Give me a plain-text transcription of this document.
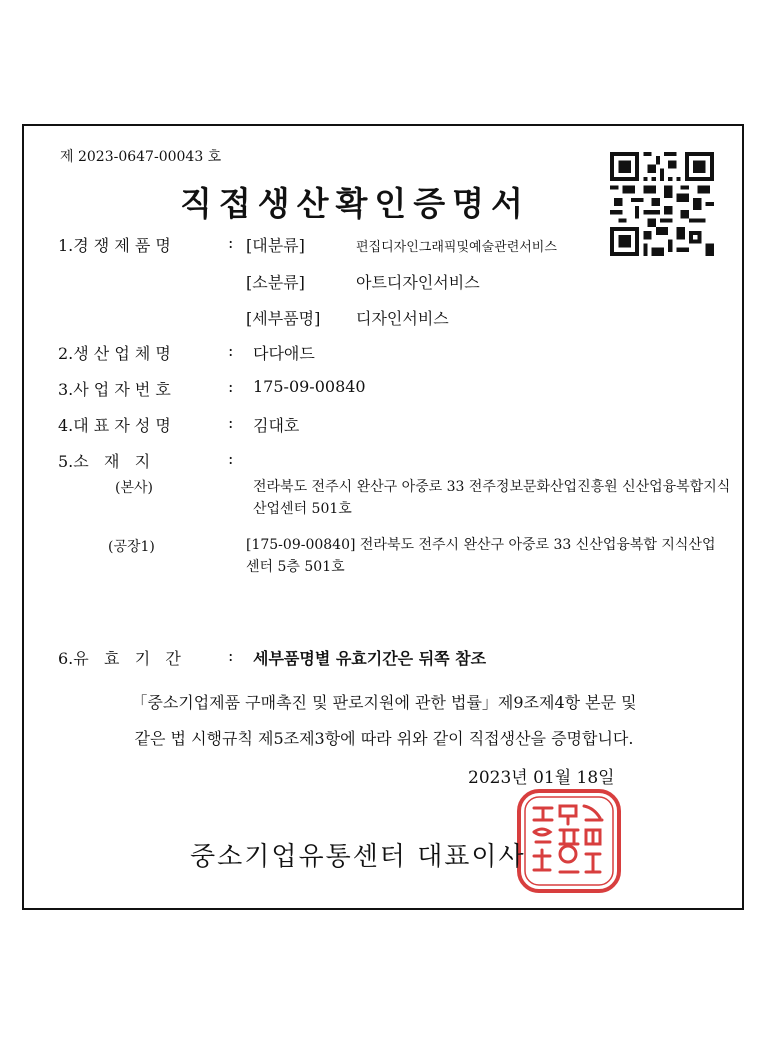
제 2023-0647-00043 호
직접생산확인증명서
1.경 쟁 제 품 명	: [대분류]	편집디자인그래픽및예술관련서비스
[소분류]	아트디자인서비스
[세부품명] 디자인서비스
2.생 산 업 체 명	: 다다애드
3.사 업 자 번 호	: 175-09-00840
4.대 표 자 성 명	: 김대호
5.소   재   지	:
(본사)	전라북도 전주시 완산구 아중로 33 전주정보문화산업진흥원 신산업융복합지식산업센터 501호
(공장1)	[175-09-00840] 전라북도 전주시 완산구 아중로 33 신산업융복합 지식산업센터 5층 501호
6.유   효   기   간	: 세부품명별 유효기간은 뒤쪽 참조
「중소기업제품 구매촉진 및 판로지원에 관한 법률」제9조제4항 본문 및
같은 법 시행규칙 제5조제3항에 따라 위와 같이 직접생산을 증명합니다.
2023년 01월 18일
중소기업유통센터 대표이사
